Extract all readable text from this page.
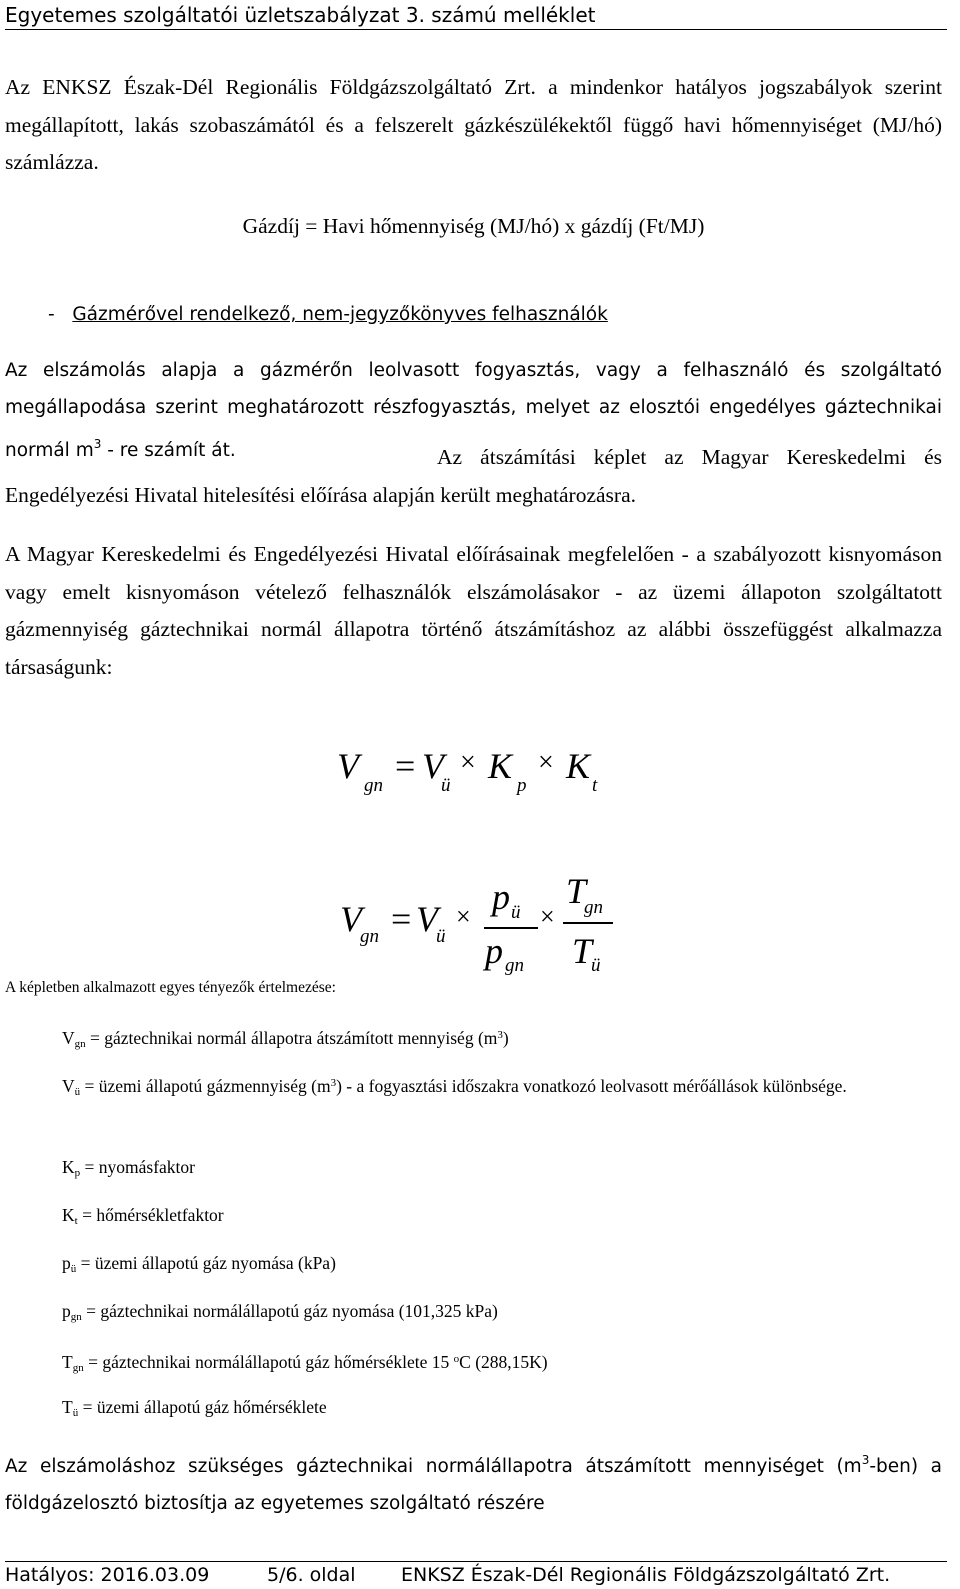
Egyetemes szolgáltatói üzletszabályzat 3. számú melléklet
Az ENKSZ Észak-Dél Regionális Földgázszolgáltató Zrt. a mindenkor hatályos jogszabályok szerint megállapított, lakás szobaszámától és a felszerelt gázkészülékektől függő havi hőmennyiséget (MJ/hó) számlázza.
Gázdíj = Havi hőmennyiség (MJ/hó) x gázdíj (Ft/MJ)
- Gázmérővel rendelkező, nem-jegyzőkönyves felhasználók
Az elszámolás alapja a gázmérőn leolvasott fogyasztás, vagy a felhasználó és szolgáltató megállapodása szerint meghatározott részfogyasztás, melyet az elosztói engedélyes gáztechnikai normál $m^3$ - re számít át.	Az átszámítási képlet az Magyar Kereskedelmi és Engedélyezési Hivatal hitelesítési előírása alapján került meghatározásra.
A Magyar Kereskedelmi és Engedélyezési Hivatal előírásainak megfelelően - a szabályozott kisnyomáson vagy emelt kisnyomáson vételező felhasználók elszámolásakor - az üzemi állapoton szolgáltatott gázmennyiség gáztechnikai normál állapotra történő átszámításhoz az alábbi összefüggést alkalmazza társaságunk:
V gn = V
ü
× K p
× K t
V
gn = V
ü
× p ü
p gn
×
T
gn
T
ü
A képletben alkalmazott egyes tényezők értelmezése:
$V_{gn}$ = gáztechnikai normál állapotra átszámított mennyiség $(m^3)$
$V_ü$ = üzemi állapotú gázmennyiség $(m^3)$ - a fogyasztási időszakra vonatkozó leolvasott mérőállások különbsége.
$K_p$ = nyomásfaktor
$K_t$ = hőmérsékletfaktor
$p_ü$ = üzemi állapotú gáz nyomása (kPa)
$p_{gn}$ = gáztechnikai normálállapotú gáz nyomása (101,325 kPa)
$T_{gn}$ = gáztechnikai normálállapotú gáz hőmérséklete 15 $^o$C (288,15K)
$T_ü$ = üzemi állapotú gáz hőmérséklete
Az elszámoláshoz szükséges gáztechnikai normálállapotra átszámított mennyiséget $(m^3-ben)$ a földgázelosztó biztosítja az egyetemes szolgáltató részére
Hatályos: 2016.03.09	5/6. oldal	ENKSZ Észak-Dél Regionális Földgázszolgáltató Zrt.
